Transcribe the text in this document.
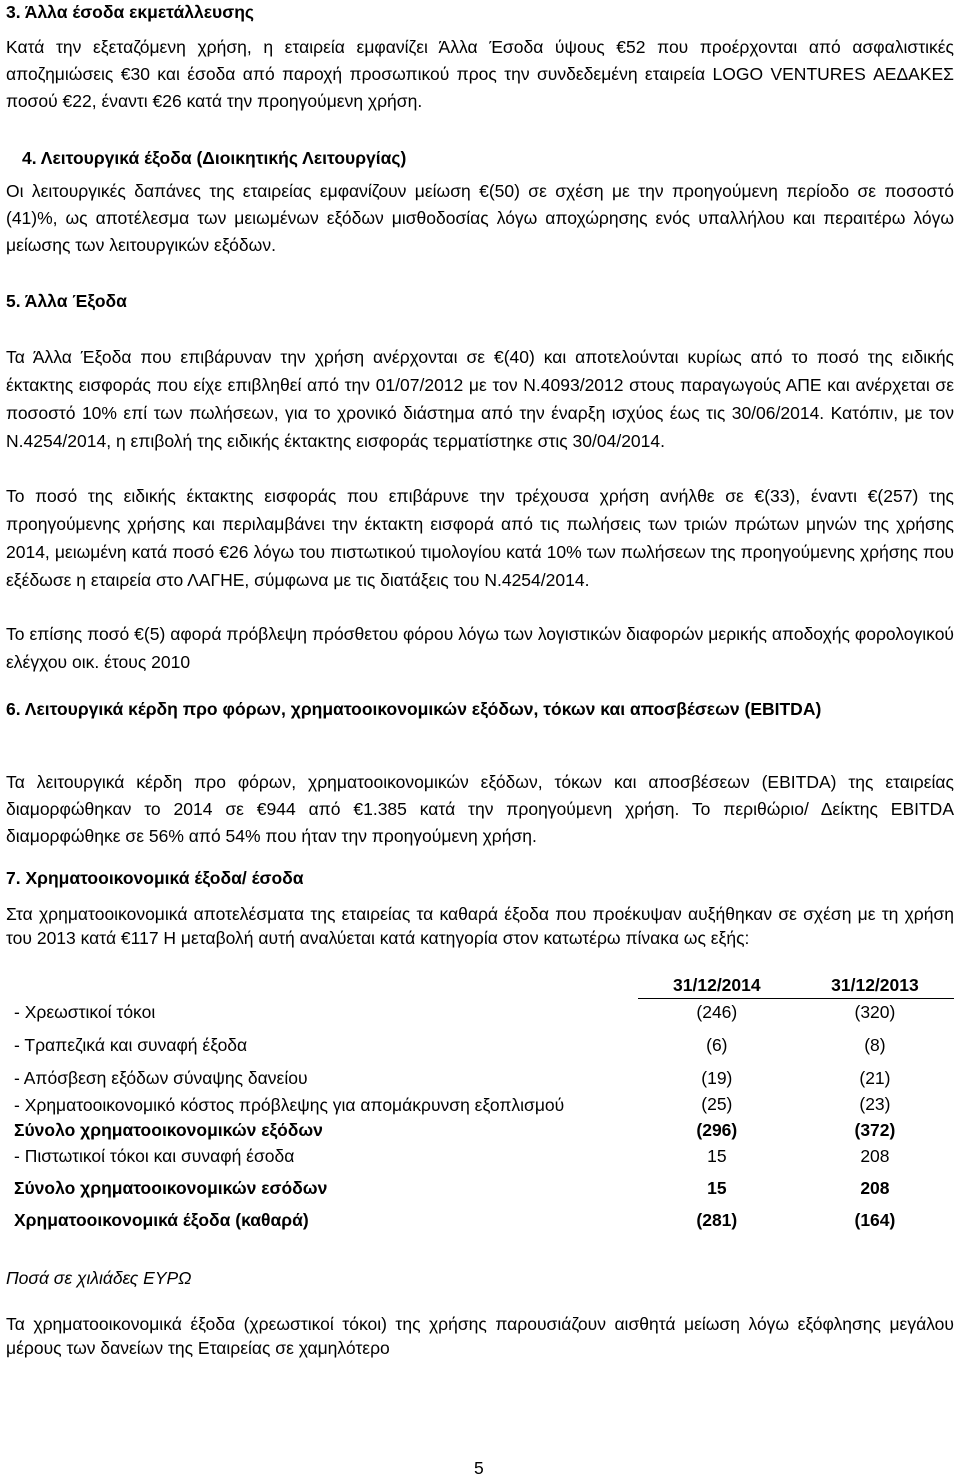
3. Άλλα έσοδα εκμετάλλευσης

Κατά την εξεταζόμενη χρήση, η εταιρεία εμφανίζει Άλλα Έσοδα ύψους €52 που προέρχονται από ασφαλιστικές αποζημιώσεις €30 και έσοδα από παροχή προσωπικού προς την συνδεδεμένη εταιρεία LOGO VENTURES ΑΕΔΑΚΕΣ ποσού €22, έναντι €26 κατά την προηγούμενη χρήση.

4. Λειτουργικά έξοδα (Διοικητικής Λειτουργίας)

Οι λειτουργικές δαπάνες της εταιρείας εμφανίζουν μείωση €(50) σε σχέση με την προηγούμενη περίοδο σε ποσοστό (41)%, ως αποτέλεσμα των μειωμένων εξόδων μισθοδοσίας λόγω αποχώρησης ενός υπαλλήλου και περαιτέρω λόγω μείωσης των λειτουργικών εξόδων.

5. Άλλα Έξοδα

Τα Άλλα Έξοδα που επιβάρυναν την χρήση ανέρχονται σε €(40) και αποτελούνται κυρίως από το ποσό της ειδικής έκτακτης εισφοράς που είχε επιβληθεί από την 01/07/2012 με τον Ν.4093/2012 στους παραγωγούς ΑΠΕ και ανέρχεται σε ποσοστό 10% επί των πωλήσεων, για το χρονικό διάστημα από την έναρξη ισχύος έως τις 30/06/2014. Κατόπιν, με τον Ν.4254/2014, η επιβολή της ειδικής έκτακτης εισφοράς τερματίστηκε στις 30/04/2014.

Το ποσό της ειδικής έκτακτης εισφοράς που επιβάρυνε την τρέχουσα χρήση ανήλθε σε €(33), έναντι €(257) της προηγούμενης χρήσης και περιλαμβάνει την έκτακτη εισφορά από τις πωλήσεις των τριών πρώτων μηνών της χρήσης 2014, μειωμένη κατά ποσό €26 λόγω του πιστωτικού τιμολογίου κατά 10% των πωλήσεων της προηγούμενης χρήσης που εξέδωσε η εταιρεία στο ΛΑΓΗΕ, σύμφωνα με τις διατάξεις του Ν.4254/2014.

Το επίσης ποσό €(5) αφορά πρόβλεψη πρόσθετου φόρου λόγω των λογιστικών διαφορών μερικής αποδοχής φορολογικού ελέγχου οικ. έτους 2010

6. Λειτουργικά κέρδη προ φόρων, χρηματοοικονομικών εξόδων, τόκων και αποσβέσεων (EBITDA)

Τα λειτουργικά κέρδη προ φόρων, χρηματοοικονομικών εξόδων, τόκων και αποσβέσεων (EBITDA) της εταιρείας διαμορφώθηκαν το 2014 σε €944 από €1.385 κατά την προηγούμενη χρήση. Το περιθώριο/ Δείκτης EBITDA διαμορφώθηκε σε 56% από 54% που ήταν την προηγούμενη χρήση.

7. Χρηματοοικονομικά έξοδα/ έσοδα

Στα χρηματοοικονομικά αποτελέσματα της εταιρείας τα καθαρά έξοδα που προέκυψαν αυξήθηκαν σε σχέση με τη χρήση του 2013 κατά €117 Η μεταβολή αυτή αναλύεται κατά κατηγορία στον κατωτέρω πίνακα ως εξής:

	31/12/2014	31/12/2013
- Χρεωστικοί τόκοι	(246)	(320)
- Τραπεζικά και συναφή έξοδα	(6)	(8)
- Απόσβεση εξόδων σύναψης δανείου	(19)	(21)
- Χρηματοοικονομικό κόστος πρόβλεψης για απομάκρυνση εξοπλισμού	(25)	(23)
Σύνολο χρηματοοικονομικών εξόδων	(296)	(372)
- Πιστωτικοί τόκοι και συναφή έσοδα	15	208
Σύνολο χρηματοοικονομικών εσόδων	15	208
Χρηματοοικονομικά έξοδα (καθαρά)	(281)	(164)

Ποσά σε χιλιάδες ΕΥΡΩ

Τα χρηματοοικονομικά έξοδα (χρεωστικοί τόκοι) της χρήσης παρουσιάζουν αισθητά μείωση λόγω εξόφλησης μεγάλου μέρους των δανείων της Εταιρείας σε χαμηλότερο

5
